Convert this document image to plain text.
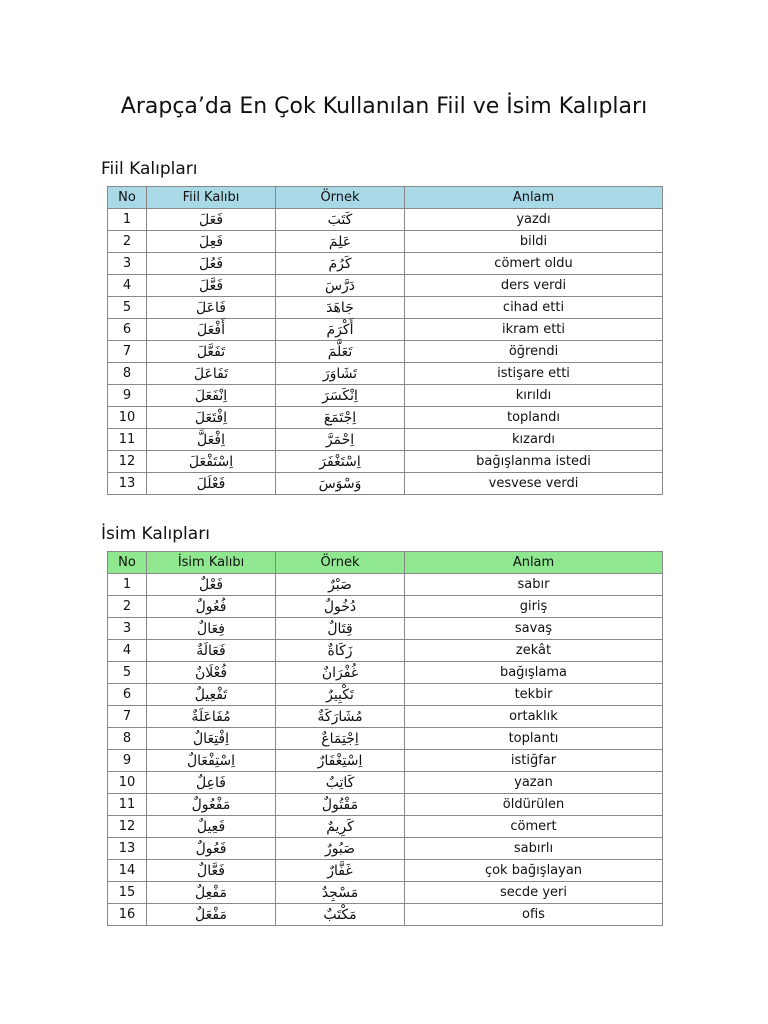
Arapça’da En Çok Kullanılan Fiil ve İsim Kalıpları
Fiil Kalıpları
No	Fiil Kalıbı	Örnek	Anlam
1	فَعَلَ	كَتَبَ	yazdı
2	فَعِلَ	عَلِمَ	bildi
3	فَعُلَ	كَرُمَ	cömert oldu
4	فَعَّلَ	دَرَّسَ	ders verdi
5	فَاعَلَ	جَاهَدَ	cihad etti
6	أَفْعَلَ	أَكْرَمَ	ikram etti
7	تَفَعَّلَ	تَعَلَّمَ	öğrendi
8	تَفَاعَلَ	تَشَاوَرَ	istişare etti
9	اِنْفَعَلَ	اِنْكَسَرَ	kırıldı
10	اِفْتَعَلَ	اِجْتَمَعَ	toplandı
11	اِفْعَلَّ	اِحْمَرَّ	kızardı
12	اِسْتَفْعَلَ	اِسْتَغْفَرَ	bağışlanma istedi
13	فَعْلَلَ	وَسْوَسَ	vesvese verdi
İsim Kalıpları
No	İsim Kalıbı	Örnek	Anlam
1	فَعْلٌ	صَبْرٌ	sabır
2	فُعُولٌ	دُخُولٌ	giriş
3	فِعَالٌ	قِتَالٌ	savaş
4	فَعَالَةٌ	زَكَاةٌ	zekât
5	فُعْلَانٌ	غُفْرَانٌ	bağışlama
6	تَفْعِيلٌ	تَكْبِيرٌ	tekbir
7	مُفَاعَلَةٌ	مُشَارَكَةٌ	ortaklık
8	اِفْتِعَالٌ	اِجْتِمَاعٌ	toplantı
9	اِسْتِفْعَالٌ	اِسْتِغْفَارٌ	istiğfar
10	فَاعِلٌ	كَاتِبٌ	yazan
11	مَفْعُولٌ	مَقْتُولٌ	öldürülen
12	فَعِيلٌ	كَرِيمٌ	cömert
13	فَعُولٌ	صَبُورٌ	sabırlı
14	فَعَّالٌ	غَفَّارٌ	çok bağışlayan
15	مَفْعِلٌ	مَسْجِدٌ	secde yeri
16	مَفْعَلٌ	مَكْتَبٌ	ofis
